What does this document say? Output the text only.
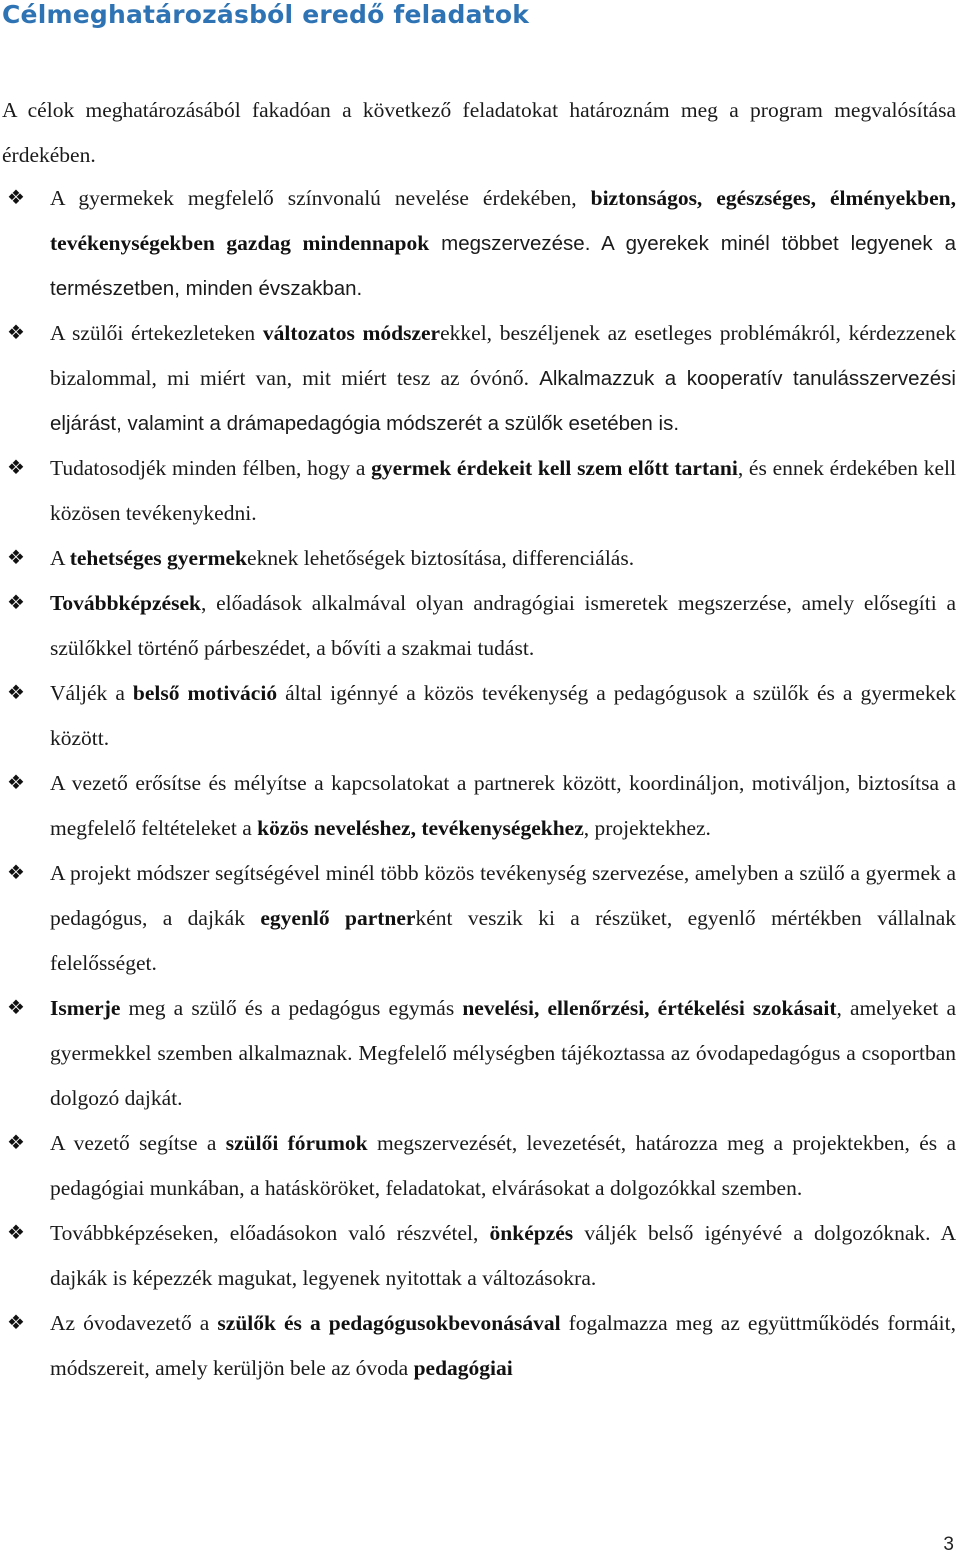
Célmeghatározásból eredő feladatok
A célok meghatározásából fakadóan a következő feladatokat határoznám meg a program megvalósítása érdekében.
❖ A gyermekek megfelelő színvonalú nevelése érdekében, biztonságos, egészséges, élményekben, tevékenységekben gazdag mindennapok megszervezése. A gyerekek minél többet legyenek a természetben, minden évszakban.
❖ A szülői értekezleteken változatos módszerekkel, beszéljenek az esetleges problémákról, kérdezzenek bizalommal, mi miért van, mit miért tesz az óvónő. Alkalmazzuk a kooperatív tanulásszervezési eljárást, valamint a drámapedagógia módszerét a szülők esetében is.
❖ Tudatosodjék minden félben, hogy a gyermek érdekeit kell szem előtt tartani, és ennek érdekében kell közösen tevékenykedni.
❖ A tehetséges gyermekeknek lehetőségek biztosítása, differenciálás.
❖ Továbbképzések, előadások alkalmával olyan andragógiai ismeretek megszerzése, amely elősegíti a szülőkkel történő párbeszédet, a bővíti a szakmai tudást.
❖ Váljék a belső motiváció által igénnyé a közös tevékenység a pedagógusok a szülők és a gyermekek között.
❖ A vezető erősítse és mélyítse a kapcsolatokat a partnerek között, koordináljon, motiváljon, biztosítsa a megfelelő feltételeket a közös neveléshez, tevékenységekhez, projektekhez.
❖ A projekt módszer segítségével minél több közös tevékenység szervezése, amelyben a szülő a gyermek a pedagógus, a dajkák egyenlő partnerként veszik ki a részüket, egyenlő mértékben vállalnak felelősséget.
❖ Ismerje meg a szülő és a pedagógus egymás nevelési, ellenőrzési, értékelési szokásait, amelyeket a gyermekkel szemben alkalmaznak. Megfelelő mélységben tájékoztassa az óvodapedagógus a csoportban dolgozó dajkát.
❖ A vezető segítse a szülői fórumok megszervezését, levezetését, határozza meg a projektekben, és a pedagógiai munkában, a hatásköröket, feladatokat, elvárásokat a dolgozókkal szemben.
❖ Továbbképzéseken, előadásokon való részvétel, önképzés váljék belső igényévé a dolgozóknak. A dajkák is képezzék magukat, legyenek nyitottak a változásokra.
❖ Az óvodavezető a szülők és a pedagógusokbevonásával fogalmazza meg az együttműködés formáit, módszereit, amely kerüljön bele az óvoda pedagógiai
3
